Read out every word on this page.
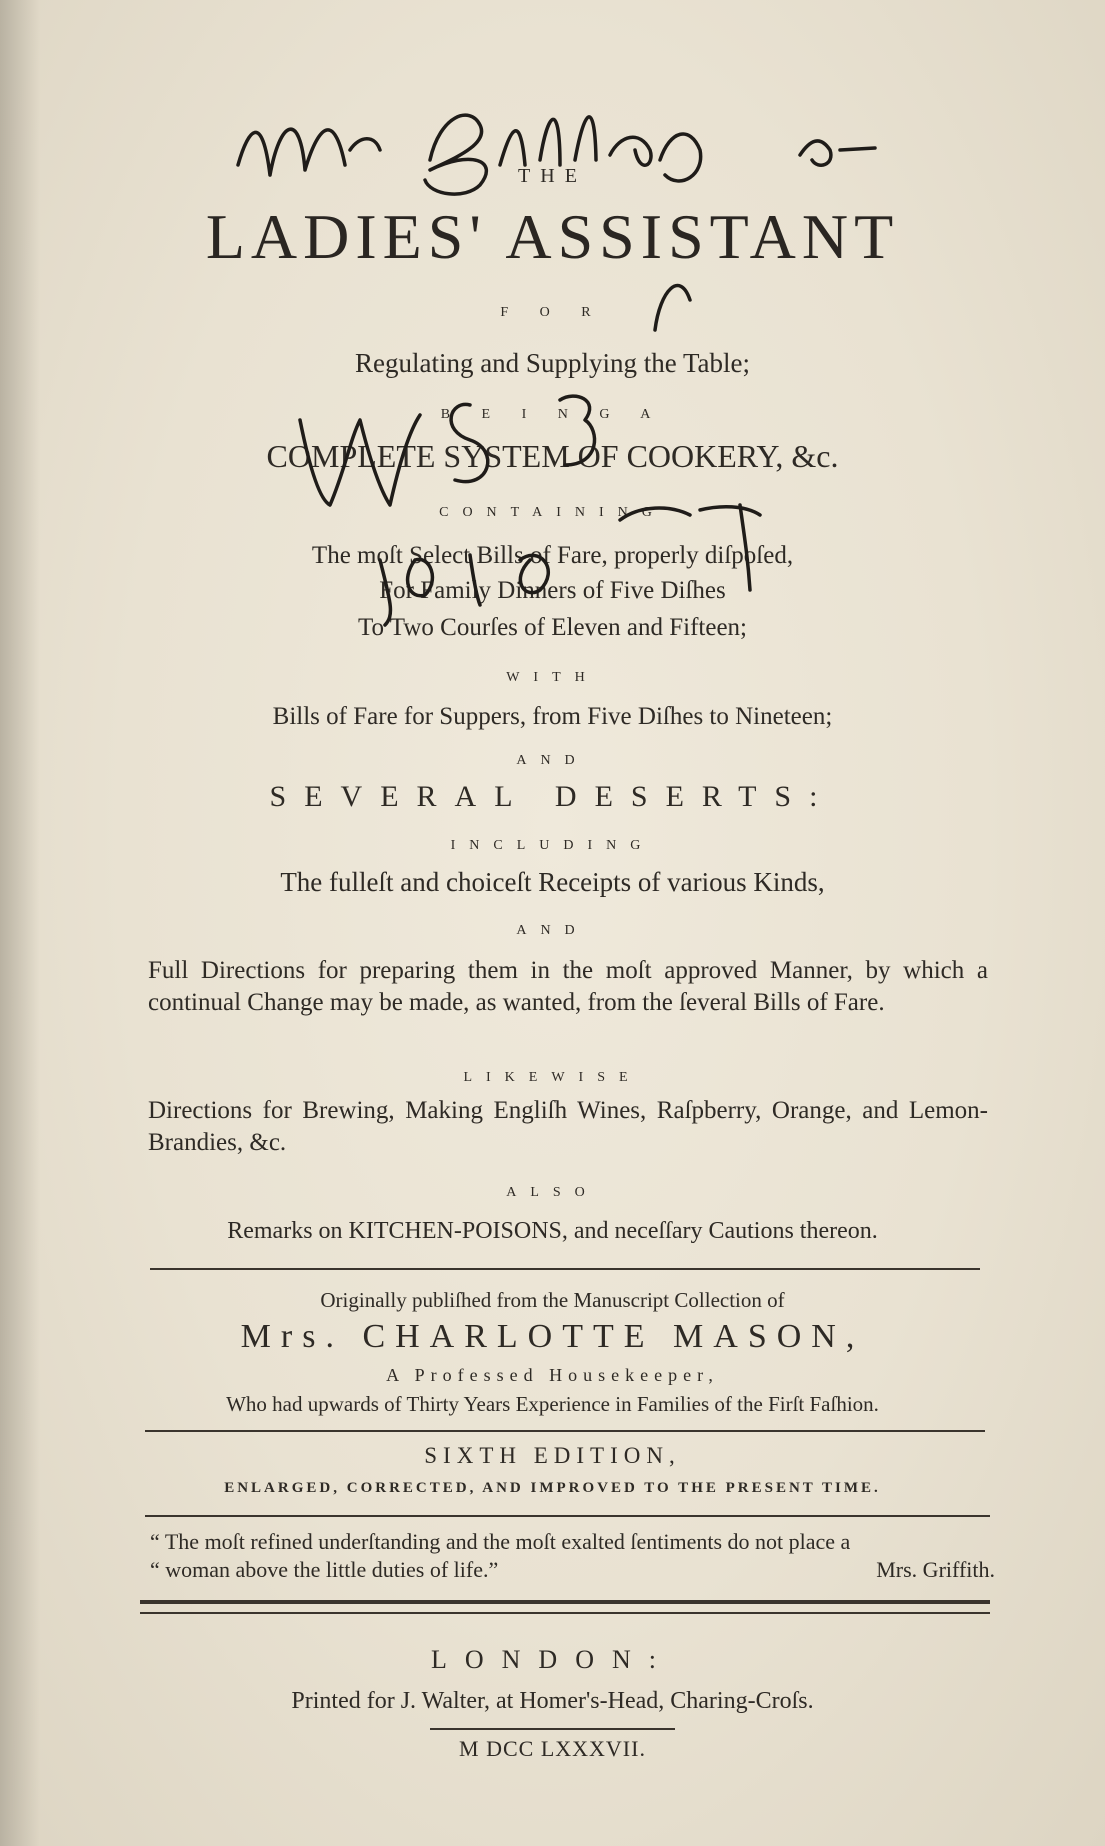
THE
LADIES' ASSISTANT
F O R
Regulating and Supplying the Table;
B E I N G A
COMPLETE SYSTEM OF COOKERY, &c.
CONTAINING
The moſt Select Bills of Fare, properly diſpoſed,
For Family Dinners of Five Diſhes
To Two Courſes of Eleven and Fifteen;
WITH
Bills of Fare for Suppers, from Five Diſhes to Nineteen;
AND
SEVERAL DESERTS:
INCLUDING
The fulleſt and choiceſt Receipts of various Kinds,
AND
Full Directions for preparing them in the moſt approved Manner, by which a continual Change may be made, as wanted, from the ſeveral Bills of Fare.
LIKEWISE
Directions for Brewing, Making Engliſh Wines, Raſpberry, Orange, and Lemon-Brandies, &c.
ALSO
Remarks on KITCHEN-POISONS, and neceſſary Cautions thereon.
Originally publiſhed from the Manuscript Collection of
Mrs. CHARLOTTE MASON,
A Professed Housekeeper,
Who had upwards of Thirty Years Experience in Families of the Firſt Faſhion.
SIXTH EDITION,
ENLARGED, CORRECTED, AND IMPROVED TO THE PRESENT TIME.
“ The moſt refined underſtanding and the moſt exalted ſentiments do not place a
“ woman above the little duties of life.”	Mrs. Griffith.
LONDON:
Printed for J. Walter, at Homer's-Head, Charing-Croſs.
M DCC LXXXVII.
